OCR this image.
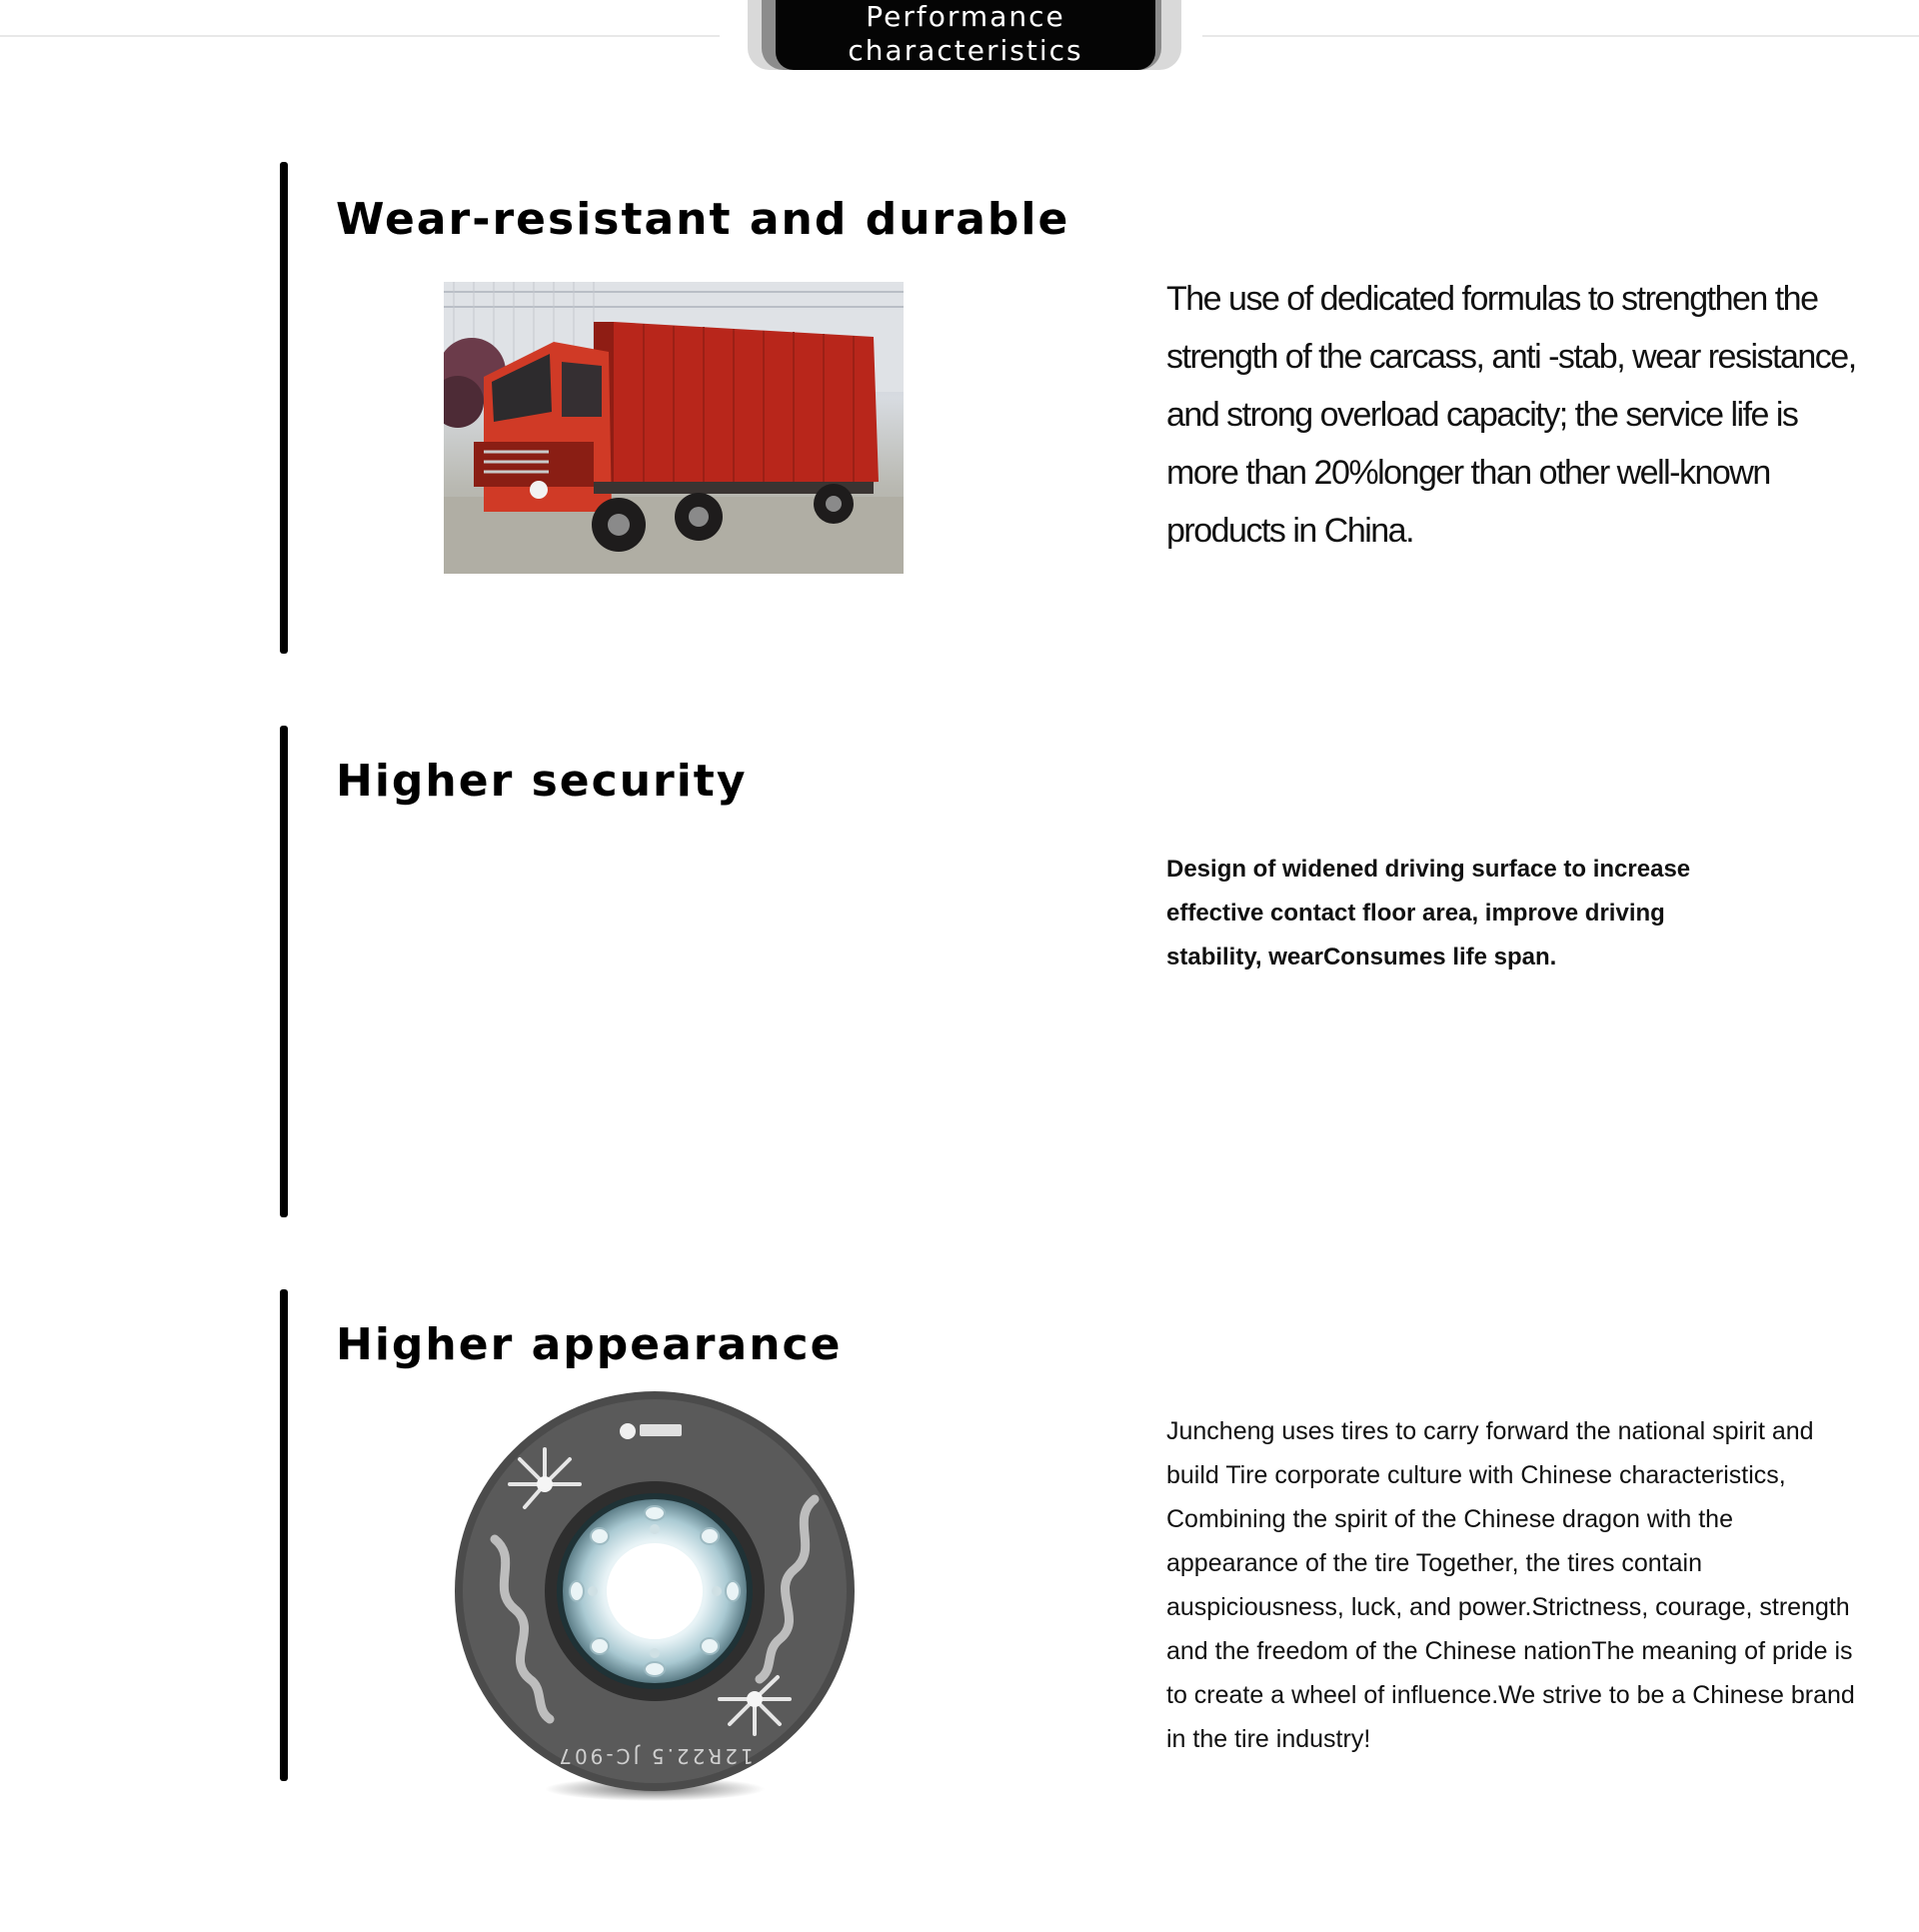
Performance
characteristics
Wear-resistant and durable

The use of dedicated formulas to strengthen the strength of the carcass, anti -stab, wear resistance, and strong overload capacity; the service life is more than 20%longer than other well-known products in China.

Higher security

Design of widened driving surface to increase effective contact floor area, improve driving stability, wearConsumes life span.

Higher appearance
12R22.5 JC-907

Juncheng uses tires to carry forward the national spirit and build Tire corporate culture with Chinese characteristics, Combining the spirit of the Chinese dragon with the appearance of the tire Together, the tires contain auspiciousness, luck, and power.Strictness, courage, strength and the freedom of the Chinese nationThe meaning of pride is to create a wheel of influence.We strive to be a Chinese brand in the tire industry!
